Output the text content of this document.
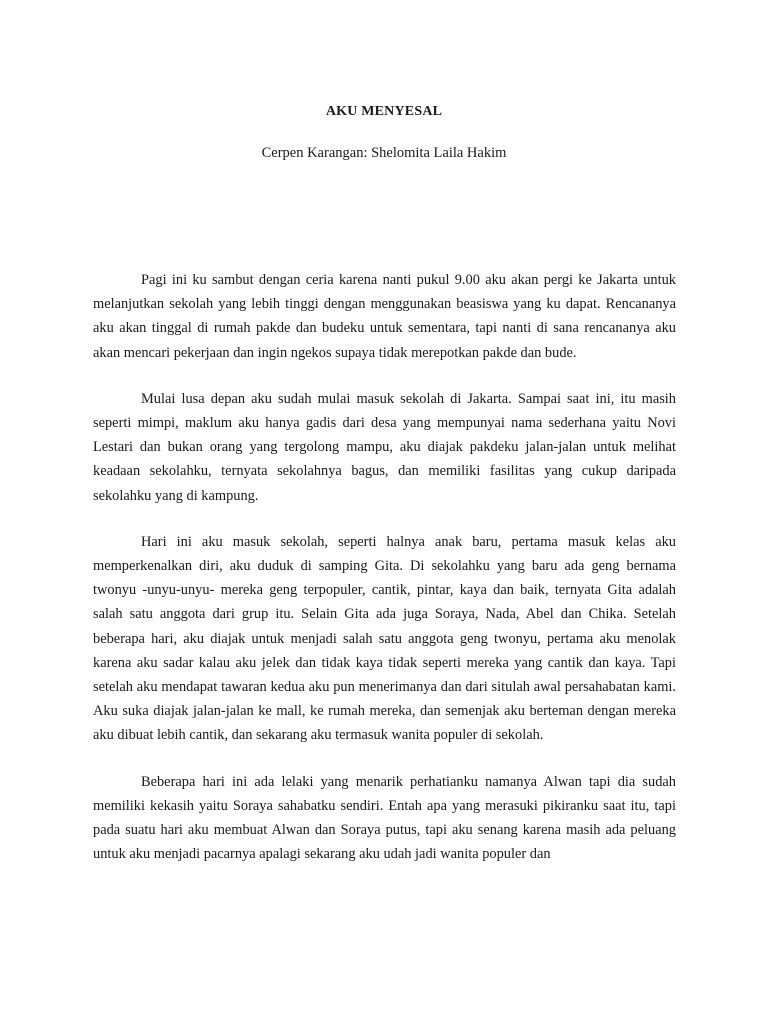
AKU MENYESAL
Cerpen Karangan: Shelomita Laila Hakim

Pagi ini ku sambut dengan ceria karena nanti pukul 9.00 aku akan pergi ke Jakarta untuk melanjutkan sekolah yang lebih tinggi dengan menggunakan beasiswa yang ku dapat. Rencananya aku akan tinggal di rumah pakde dan budeku untuk sementara, tapi nanti di sana rencananya aku akan mencari pekerjaan dan ingin ngekos supaya tidak merepotkan pakde dan bude.

Mulai lusa depan aku sudah mulai masuk sekolah di Jakarta. Sampai saat ini, itu masih seperti mimpi, maklum aku hanya gadis dari desa yang mempunyai nama sederhana yaitu Novi Lestari dan bukan orang yang tergolong mampu, aku diajak pakdeku jalan-jalan untuk melihat keadaan sekolahku, ternyata sekolahnya bagus, dan memiliki fasilitas yang cukup daripada sekolahku yang di kampung.

Hari ini aku masuk sekolah, seperti halnya anak baru, pertama masuk kelas aku memperkenalkan diri, aku duduk di samping Gita. Di sekolahku yang baru ada geng bernama twonyu -unyu-unyu- mereka geng terpopuler, cantik, pintar, kaya dan baik, ternyata Gita adalah salah satu anggota dari grup itu. Selain Gita ada juga Soraya, Nada, Abel dan Chika. Setelah beberapa hari, aku diajak untuk menjadi salah satu anggota geng twonyu, pertama aku menolak karena aku sadar kalau aku jelek dan tidak kaya tidak seperti mereka yang cantik dan kaya. Tapi setelah aku mendapat tawaran kedua aku pun menerimanya dan dari situlah awal persahabatan kami. Aku suka diajak jalan-jalan ke mall, ke rumah mereka, dan semenjak aku berteman dengan mereka aku dibuat lebih cantik, dan sekarang aku termasuk wanita populer di sekolah.

Beberapa hari ini ada lelaki yang menarik perhatianku namanya Alwan tapi dia sudah memiliki kekasih yaitu Soraya sahabatku sendiri. Entah apa yang merasuki pikiranku saat itu, tapi pada suatu hari aku membuat Alwan dan Soraya putus, tapi aku senang karena masih ada peluang untuk aku menjadi pacarnya apalagi sekarang aku udah jadi wanita populer dan
